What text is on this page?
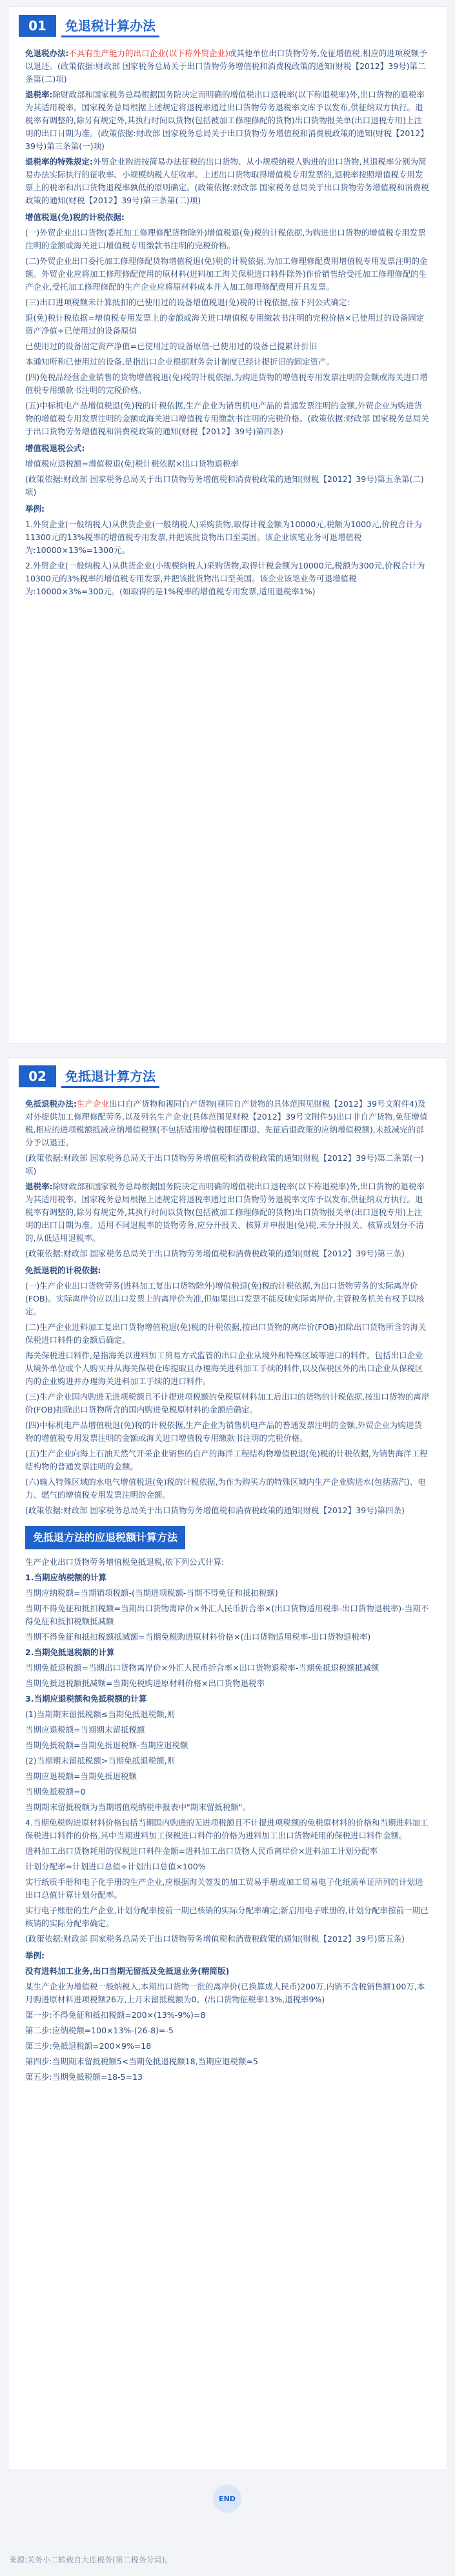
01	免退税计算办法

免退税办法:不具有生产能力的出口企业(以下称外贸企业)或其他单位出口货物劳务,免征增值税,相应的进项税额予以退还。(政策依据:财政部 国家税务总局关于出口货物劳务增值税和消费税政策的通知(财税【2012】39号)第二条第(二)项)

退税率:除财政部和国家税务总局根据国务院决定而明确的增值税出口退税率(以下称退税率)外,出口货物的退税率为其适用税率。国家税务总局根据上述规定将退税率通过出口货物劳务退税率文库予以发布,供征纳双方执行。退税率有调整的,除另有规定外,其执行时间以货物(包括被加工修理修配的货物)出口货物报关单(出口退税专用)上注明的出口日期为准。(政策依据:财政部 国家税务总局关于出口货物劳务增值税和消费税政策的通知(财税【2012】39号)第三条第(一)项)

退税率的特殊规定:外贸企业购进按简易办法征税的出口货物、从小规模纳税人购进的出口货物,其退税率分别为简易办法实际执行的征收率、小规模纳税人征收率。上述出口货物取得增值税专用发票的,退税率按照增值税专用发票上的税率和出口货物退税率孰低的原则确定。(政策依据:财政部 国家税务总局关于出口货物劳务增值税和消费税政策的通知(财税【2012】39号)第三条第(二)项)

增值税退(免)税的计税依据:

(一)外贸企业出口货物(委托加工修理修配货物除外)增值税退(免)税的计税依据,为购进出口货物的增值税专用发票注明的金额或海关进口增值税专用缴款书注明的完税价格。

(二)外贸企业出口委托加工修理修配货物增值税退(免)税的计税依据,为加工修理修配费用增值税专用发票注明的金额。外贸企业应将加工修理修配使用的原材料(进料加工海关保税进口料件除外)作价销售给受托加工修理修配的生产企业,受托加工修理修配的生产企业应将原材料成本并入加工修理修配费用开具发票。

(三)出口进项税额未计算抵扣的已使用过的设备增值税退(免)税的计税依据,按下列公式确定:

退(免)税计税依据=增值税专用发票上的金额或海关进口增值税专用缴款书注明的完税价格×已使用过的设备固定资产净值÷已使用过的设备原值

已使用过的设备固定资产净值=已使用过的设备原值-已使用过的设备已提累计折旧

本通知所称已使用过的设备,是指出口企业根据财务会计制度已经计提折旧的固定资产。

(四)免税品经营企业销售的货物增值税退(免)税的计税依据,为购进货物的增值税专用发票注明的金额或海关进口增值税专用缴款书注明的完税价格。

(五)中标机电产品增值税退(免)税的计税依据,生产企业为销售机电产品的普通发票注明的金额,外贸企业为购进货物的增值税专用发票注明的金额或海关进口增值税专用缴款书注明的完税价格。(政策依据:财政部 国家税务总局关于出口货物劳务增值税和消费税政策的通知(财税【2012】39号)第四条)

增值税退税公式:

增值税应退税额=增值税退(免)税计税依据×出口货物退税率

(政策依据:财政部 国家税务总局关于出口货物劳务增值税和消费税政策的通知(财税【2012】39号)第五条第(二)项)

举例:

1.外贸企业(一般纳税人)从供货企业(一般纳税人)采购货物,取得计税金额为10000元,税额为1000元,价税合计为11300元的13%税率的增值税专用发票,并把该批货物出口至美国。该企业该笔业务可退增值税为:10000×13%=1300元。

2.外贸企业(一般纳税人)从供货企业(小规模纳税人)采购货物,取得计税金额为10000元,税额为300元,价税合计为10300元的3%税率的增值税专用发票,并把该批货物出口至美国。该企业该笔业务可退增值税为:10000×3%=300元。(如取得的是1%税率的增值税专用发票,适用退税率1%)

02	免抵退计算方法

免抵退税办法:生产企业出口自产货物和视同自产货物(视同自产货物的具体范围见财税【2012】39号文附件4)及对外提供加工修理修配劳务,以及列名生产企业(具体范围见财税【2012】39号文附件5)出口非自产货物,免征增值税,相应的进项税额抵减应纳增值税额(不包括适用增值税即征即退、先征后退政策的应纳增值税额),未抵减完的部分予以退还。

(政策依据:财政部 国家税务总局关于出口货物劳务增值税和消费税政策的通知(财税【2012】39号)第二条第(一)项)

退税率:除财政部和国家税务总局根据国务院决定而明确的增值税出口退税率(以下称退税率)外,出口货物的退税率为其适用税率。国家税务总局根据上述规定将退税率通过出口货物劳务退税率文库予以发布,供征纳双方执行。退税率有调整的,除另有规定外,其执行时间以货物(包括被加工修理修配的货物)出口货物报关单(出口退税专用)上注明的出口日期为准。适用不同退税率的货物劳务,应分开报关、核算并申报退(免)税,未分开报关、核算或划分不清的,从低适用退税率。

(政策依据:财政部 国家税务总局关于出口货物劳务增值税和消费税政策的通知(财税【2012】39号)第三条)

免抵退税的计税依据:

(一)生产企业出口货物劳务(进料加工复出口货物除外)增值税退(免)税的计税依据,为出口货物劳务的实际离岸价(FOB)。实际离岸价应以出口发票上的离岸价为准,但如果出口发票不能反映实际离岸价,主管税务机关有权予以核定。

(二)生产企业进料加工复出口货物增值税退(免)税的计税依据,按出口货物的离岸价(FOB)扣除出口货物所含的海关保税进口料件的金额后确定。

海关保税进口料件,是指海关以进料加工贸易方式监管的出口企业从境外和特殊区域等进口的料件。包括出口企业从境外单位或个人购买并从海关保税仓库提取且办理海关进料加工手续的料件,以及保税区外的出口企业从保税区内的企业购进并办理海关进料加工手续的进口料件。

(三)生产企业国内购进无进项税额且不计提进项税额的免税原材料加工后出口的货物的计税依据,按出口货物的离岸价(FOB)扣除出口货物所含的国内购进免税原材料的金额后确定。

(四)中标机电产品增值税退(免)税的计税依据,生产企业为销售机电产品的普通发票注明的金额,外贸企业为购进货物的增值税专用发票注明的金额或海关进口增值税专用缴款书注明的完税价格。

(五)生产企业向海上石油天然气开采企业销售的自产的海洋工程结构物增值税退(免)税的计税依据,为销售海洋工程结构物的普通发票注明的金额。

(六)输入特殊区域的水电气增值税退(免)税的计税依据,为作为购买方的特殊区域内生产企业购进水(包括蒸汽)、电力、燃气的增值税专用发票注明的金额。

(政策依据:财政部 国家税务总局关于出口货物劳务增值税和消费税政策的通知(财税【2012】39号)第四条)

免抵退方法的应退税额计算方法

生产企业出口货物劳务增值税免抵退税,依下列公式计算:

1.当期应纳税额的计算

当期应纳税额=当期销项税额-(当期进项税额-当期不得免征和抵扣税额)

当期不得免征和抵扣税额=当期出口货物离岸价×外汇人民币折合率×(出口货物适用税率-出口货物退税率)-当期不得免征和抵扣税额抵减额

当期不得免征和抵扣税额抵减额=当期免税购进原材料价格×(出口货物适用税率-出口货物退税率)

2.当期免抵退税额的计算

当期免抵退税额=当期出口货物离岸价×外汇人民币折合率×出口货物退税率-当期免抵退税额抵减额

当期免抵退税额抵减额=当期免税购进原材料价格×出口货物退税率

3.当期应退税额和免抵税额的计算

(1)当期期末留抵税额≤当期免抵退税额,则

当期应退税额=当期期末留抵税额

当期免抵税额=当期免抵退税额-当期应退税额

(2)当期期末留抵税额>当期免抵退税额,则

当期应退税额=当期免抵退税额

当期免抵税额=0

当期期末留抵税额为当期增值税纳税申报表中"期末留抵税额"。

4.当期免税购进原材料价格包括当期国内购进的无进项税额且不计提进项税额的免税原材料的价格和当期进料加工保税进口料件的价格,其中当期进料加工保税进口料件的价格为进料加工出口货物耗用的保税进口料件金额。

进料加工出口货物耗用的保税进口料件金额=进料加工出口货物人民币离岸价×进料加工计划分配率

计划分配率=计划进口总值÷计划出口总值×100%

实行纸质手册和电子化手册的生产企业,应根据海关签发的加工贸易手册或加工贸易电子化纸质单证所列的计划进出口总值计算计划分配率。

实行电子账册的生产企业,计划分配率按前一期已核销的实际分配率确定;新启用电子账册的,计划分配率按前一期已核销的实际分配率确定。

(政策依据:财政部 国家税务总局关于出口货物劳务增值税和消费税政策的通知(财税【2012】39号)第五条)

举例:

没有进料加工业务,出口当期无留抵及免抵退业务(精简版)

某生产企业为增值税一般纳税人,本期出口货物一批的离岸价(已换算成人民币)200万,内销不含税销售额100万,本月购进原材料进项税额26万,上月末留抵税额为0。(出口货物征税率13%,退税率9%)

第一步:不得免征和抵扣税额=200×(13%-9%)=8

第二步:应纳税额=100×13%-(26-8)=-5

第三步:免抵退税额=200×9%=18

第四步:当期期末留抵税额5<当期免抵退税额18,当期应退税额=5

第五步:当期免抵税额=18-5=13

END
来源:关务小二转载自大连税务(第二税务分局)。
